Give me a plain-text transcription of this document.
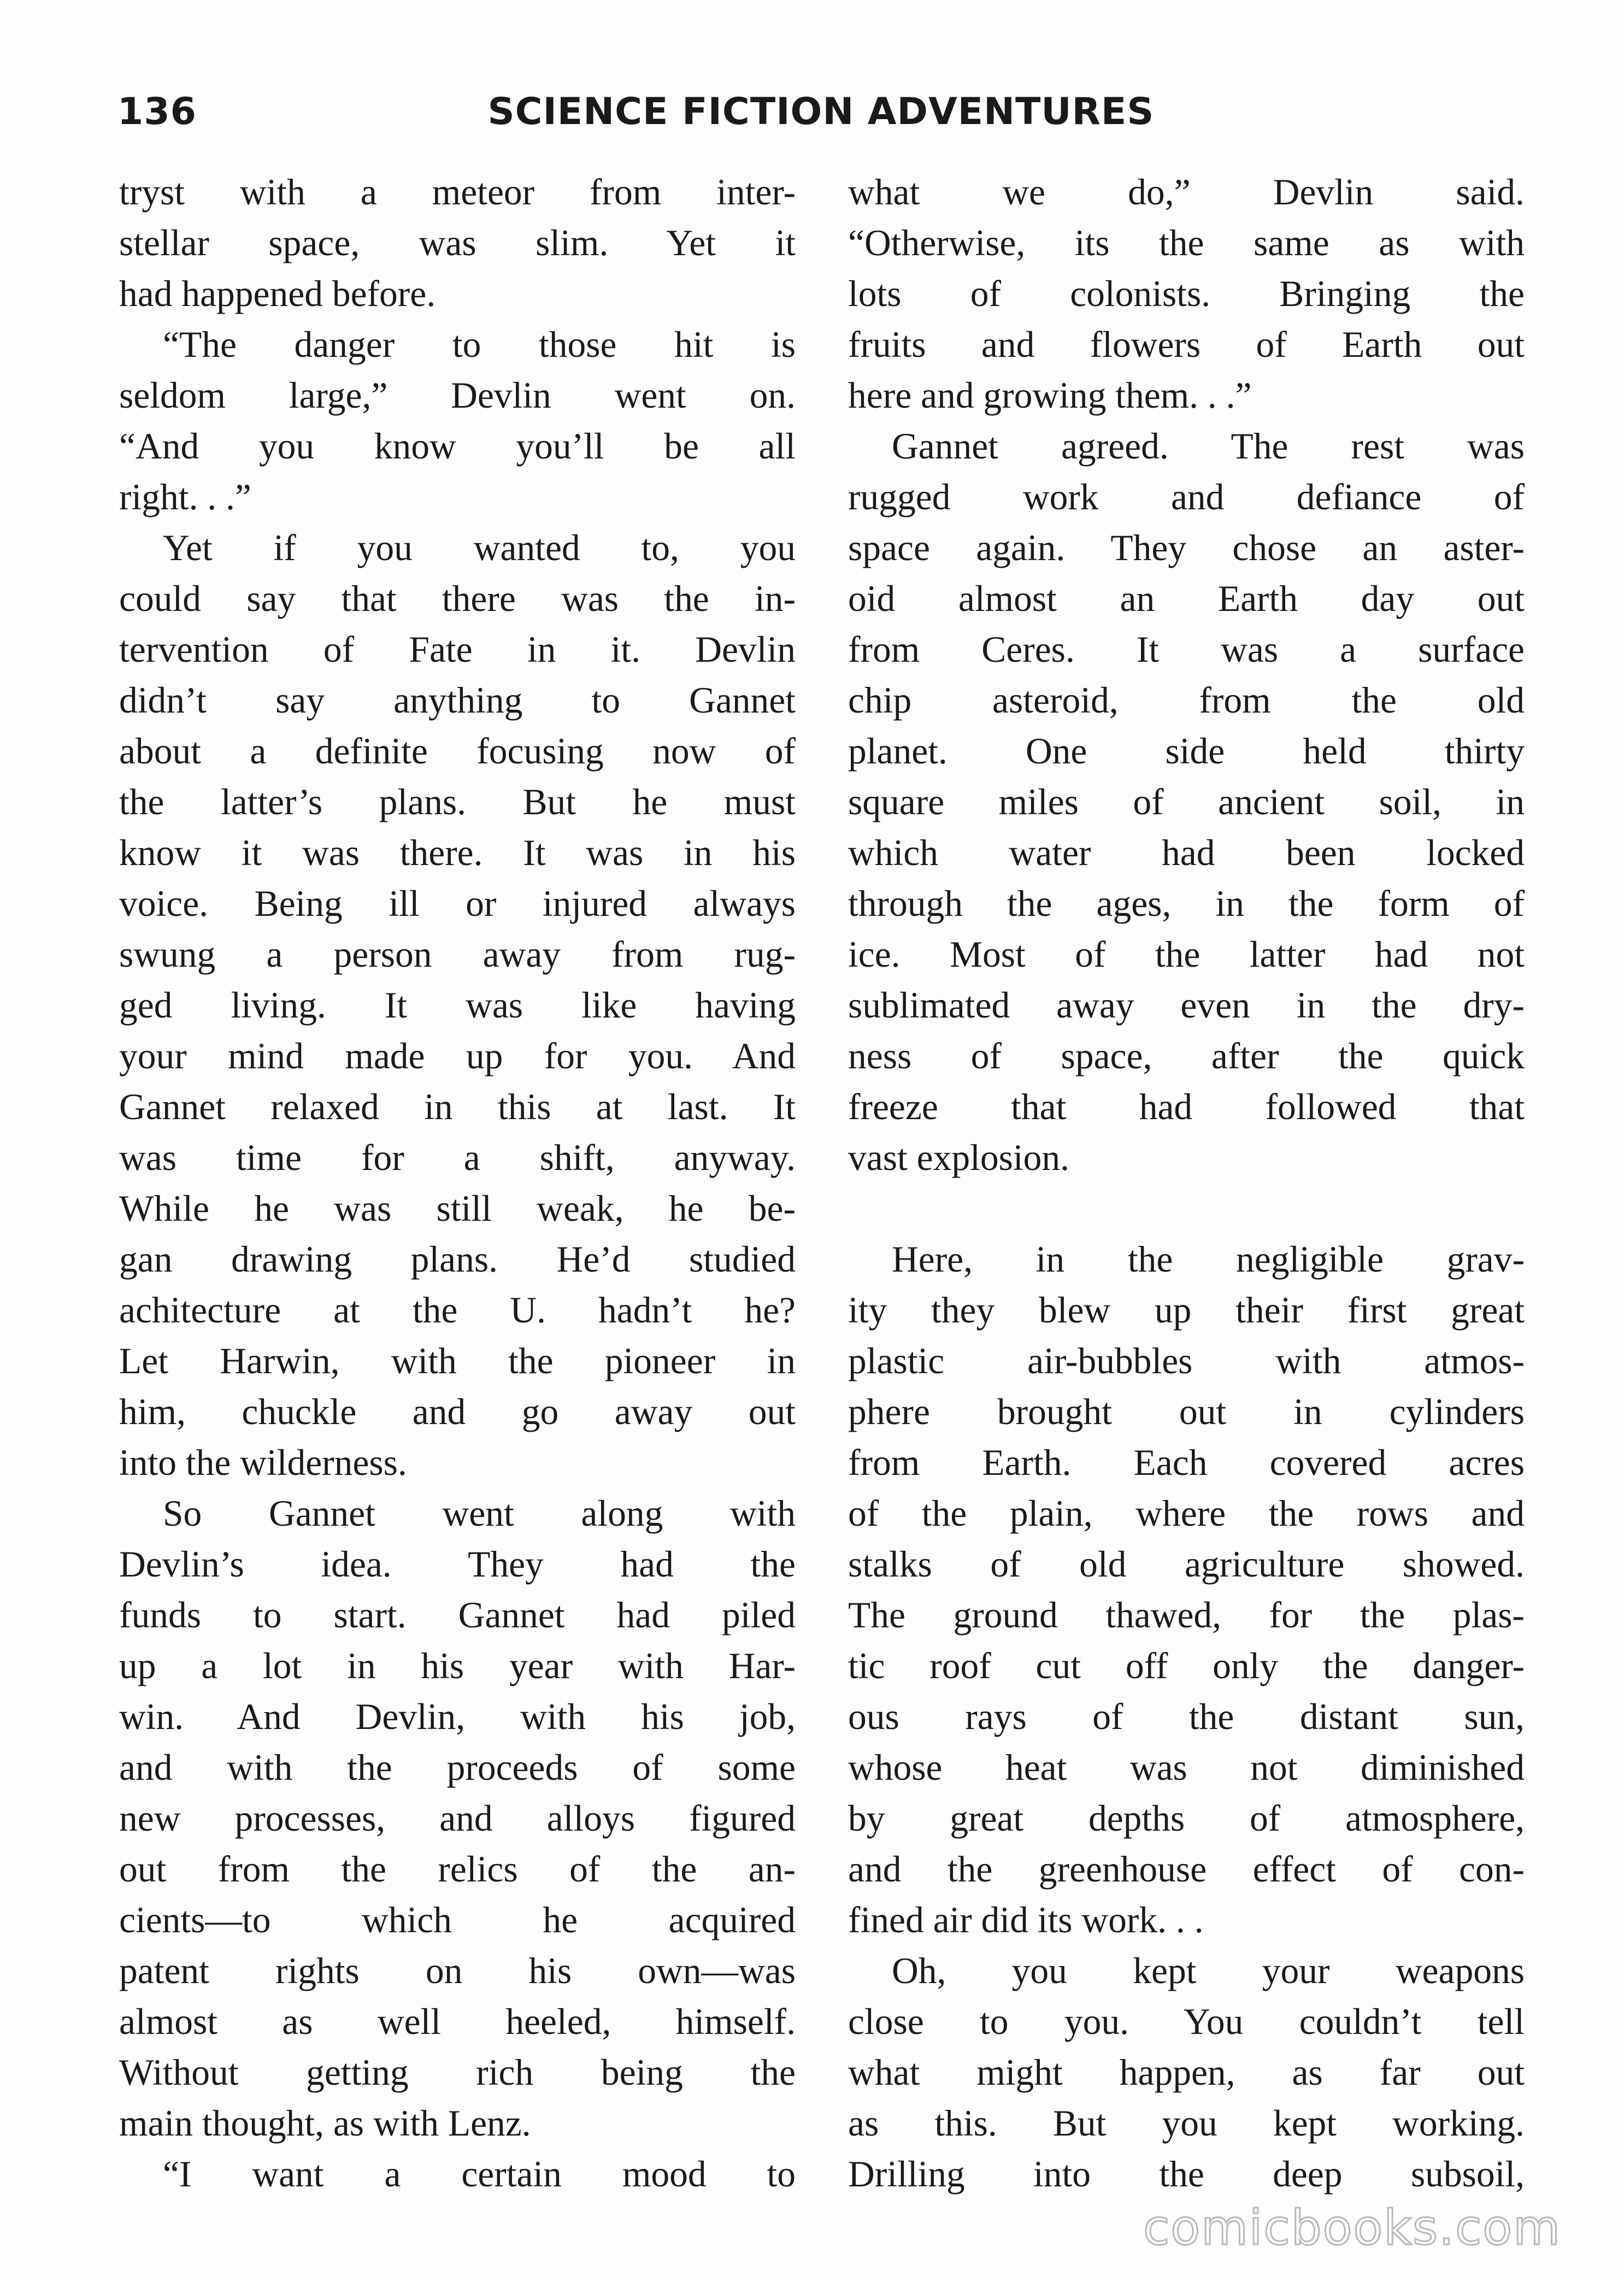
136	SCIENCE FICTION ADVENTURES
tryst with a meteor from inter-
stellar space, was slim. Yet it
had happened before.
“The danger to those hit is
seldom large,” Devlin went on.
“And you know you’ll be all
right. . .”
Yet if you wanted to, you
could say that there was the in-
tervention of Fate in it. Devlin
didn’t say anything to Gannet
about a definite focusing now of
the latter’s plans. But he must
know it was there. It was in his
voice. Being ill or injured always
swung a person away from rug-
ged living. It was like having
your mind made up for you. And
Gannet relaxed in this at last. It
was time for a shift, anyway.
While he was still weak, he be-
gan drawing plans. He’d studied
achitecture at the U. hadn’t he?
Let Harwin, with the pioneer in
him, chuckle and go away out
into the wilderness.
So Gannet went along with
Devlin’s idea. They had the
funds to start. Gannet had piled
up a lot in his year with Har-
win. And Devlin, with his job,
and with the proceeds of some
new processes, and alloys figured
out from the relics of the an-
cients—to which he acquired
patent rights on his own—was
almost as well heeled, himself.
Without getting rich being the
main thought, as with Lenz.
“I want a certain mood to
what we do,” Devlin said.
“Otherwise, its the same as with
lots of colonists. Bringing the
fruits and flowers of Earth out
here and growing them. . .”
Gannet agreed. The rest was
rugged work and defiance of
space again. They chose an aster-
oid almost an Earth day out
from Ceres. It was a surface
chip asteroid, from the old
planet. One side held thirty
square miles of ancient soil, in
which water had been locked
through the ages, in the form of
ice. Most of the latter had not
sublimated away even in the dry-
ness of space, after the quick
freeze that had followed that
vast explosion.
Here, in the negligible grav-
ity they blew up their first great
plastic air-bubbles with atmos-
phere brought out in cylinders
from Earth. Each covered acres
of the plain, where the rows and
stalks of old agriculture showed.
The ground thawed, for the plas-
tic roof cut off only the danger-
ous rays of the distant sun,
whose heat was not diminished
by great depths of atmosphere,
and the greenhouse effect of con-
fined air did its work. . .
Oh, you kept your weapons
close to you. You couldn’t tell
what might happen, as far out
as this. But you kept working.
Drilling into the deep subsoil,
comicbooks.com
